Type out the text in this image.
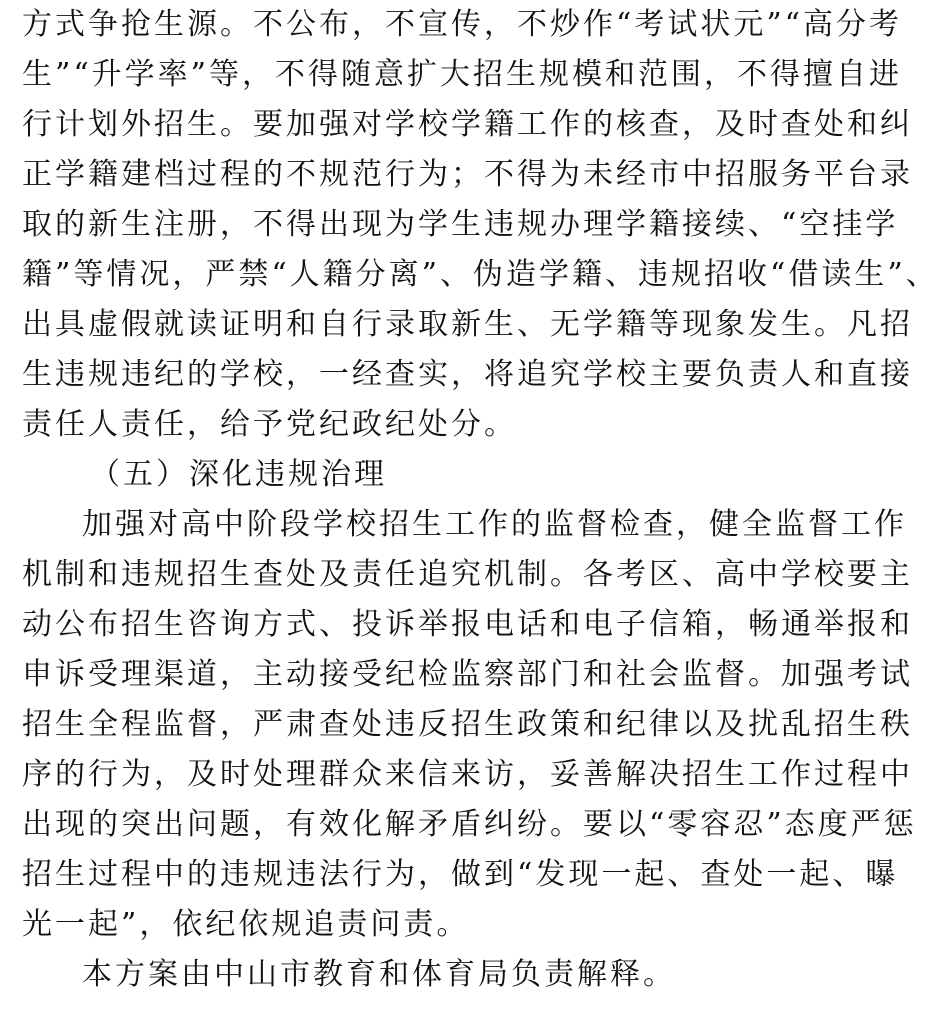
方式争抢生源。不公布，不宣传，不炒作“考试状元”“高分考
生”“升学率”等，不得随意扩大招生规模和范围，不得擅自进
行计划外招生。要加强对学校学籍工作的核查，及时查处和纠
正学籍建档过程的不规范行为；不得为未经市中招服务平台录
取的新生注册，不得出现为学生违规办理学籍接续、“空挂学
籍”等情况，严禁“人籍分离”、伪造学籍、违规招收“借读生”、
出具虚假就读证明和自行录取新生、无学籍等现象发生。凡招
生违规违纪的学校，一经查实，将追究学校主要负责人和直接
责任人责任，给予党纪政纪处分。
（五）深化违规治理
加强对高中阶段学校招生工作的监督检查，健全监督工作
机制和违规招生查处及责任追究机制。各考区、高中学校要主
动公布招生咨询方式、投诉举报电话和电子信箱，畅通举报和
申诉受理渠道，主动接受纪检监察部门和社会监督。加强考试
招生全程监督，严肃查处违反招生政策和纪律以及扰乱招生秩
序的行为，及时处理群众来信来访，妥善解决招生工作过程中
出现的突出问题，有效化解矛盾纠纷。要以“零容忍”态度严惩
招生过程中的违规违法行为，做到“发现一起、查处一起、曝
光一起”，依纪依规追责问责。
本方案由中山市教育和体育局负责解释。
